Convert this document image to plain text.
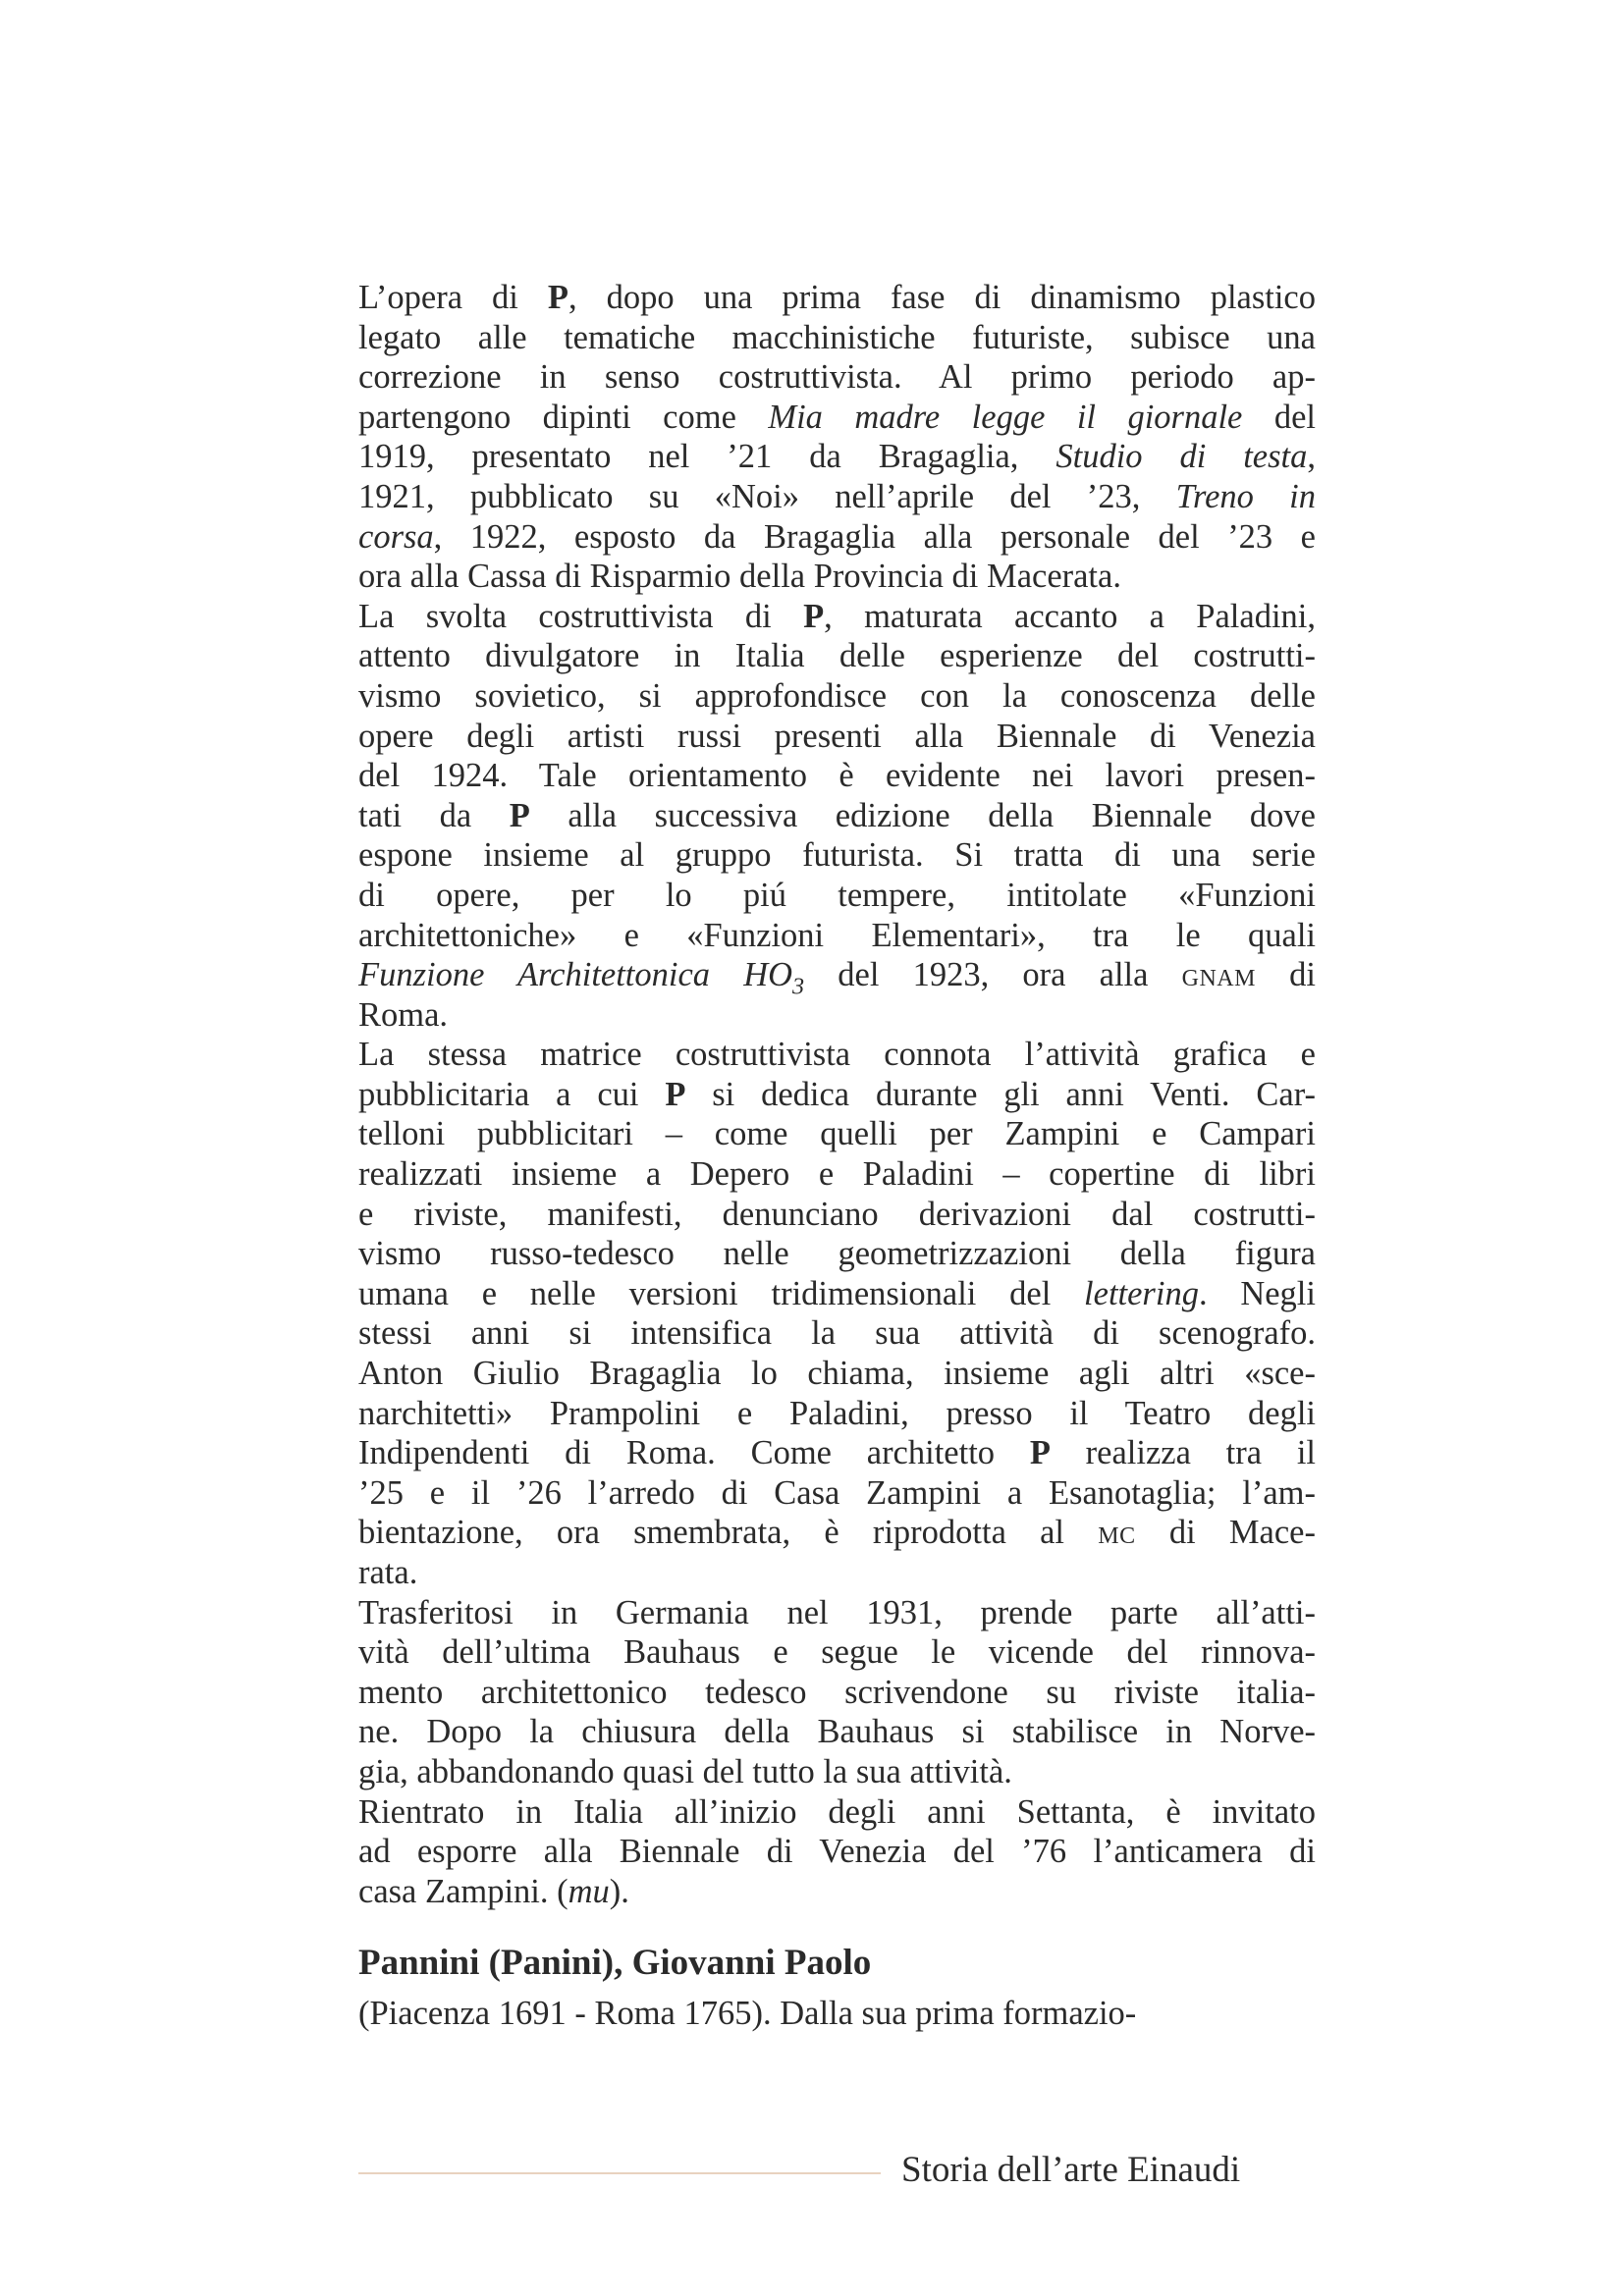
L’opera di P, dopo una prima fase di dinamismo plastico
legato alle tematiche macchinistiche futuriste, subisce una
correzione in senso costruttivista. Al primo periodo ap-
partengono dipinti come Mia madre legge il giornale del
1919, presentato nel ’21 da Bragaglia, Studio di testa,
1921, pubblicato su «Noi» nell’aprile del ’23, Treno in
corsa, 1922, esposto da Bragaglia alla personale del ’23 e
ora alla Cassa di Risparmio della Provincia di Macerata.

La svolta costruttivista di P, maturata accanto a Paladini,
attento divulgatore in Italia delle esperienze del costrutti-
vismo sovietico, si approfondisce con la conoscenza delle
opere degli artisti russi presenti alla Biennale di Venezia
del 1924. Tale orientamento è evidente nei lavori presen-
tati da P alla successiva edizione della Biennale dove
espone insieme al gruppo futurista. Si tratta di una serie
di opere, per lo piú tempere, intitolate «Funzioni
architettoniche» e «Funzioni Elementari», tra le quali
Funzione Architettonica $HO_3$ del 1923, ora alla gnam di
Roma.

La stessa matrice costruttivista connota l’attività grafica e
pubblicitaria a cui P si dedica durante gli anni Venti. Car-
telloni pubblicitari – come quelli per Zampini e Campari
realizzati insieme a Depero e Paladini – copertine di libri
e riviste, manifesti, denunciano derivazioni dal costrutti-
vismo russo-tedesco nelle geometrizzazioni della figura
umana e nelle versioni tridimensionali del lettering. Negli
stessi anni si intensifica la sua attività di scenografo.
Anton Giulio Bragaglia lo chiama, insieme agli altri «sce-
narchitetti» Prampolini e Paladini, presso il Teatro degli
Indipendenti di Roma. Come architetto P realizza tra il
’25 e il ’26 l’arredo di Casa Zampini a Esanotaglia; l’am-
bientazione, ora smembrata, è riprodotta al mc di Mace-
rata.

Trasferitosi in Germania nel 1931, prende parte all’atti-
vità dell’ultima Bauhaus e segue le vicende del rinnova-
mento architettonico tedesco scrivendone su riviste italia-
ne. Dopo la chiusura della Bauhaus si stabilisce in Norve-
gia, abbandonando quasi del tutto la sua attività.

Rientrato in Italia all’inizio degli anni Settanta, è invitato
ad esporre alla Biennale di Venezia del ’76 l’anticamera di
casa Zampini. (mu).

Pannini (Panini), Giovanni Paolo

(Piacenza 1691 - Roma 1765). Dalla sua prima formazio-

Storia dell’arte Einaudi
